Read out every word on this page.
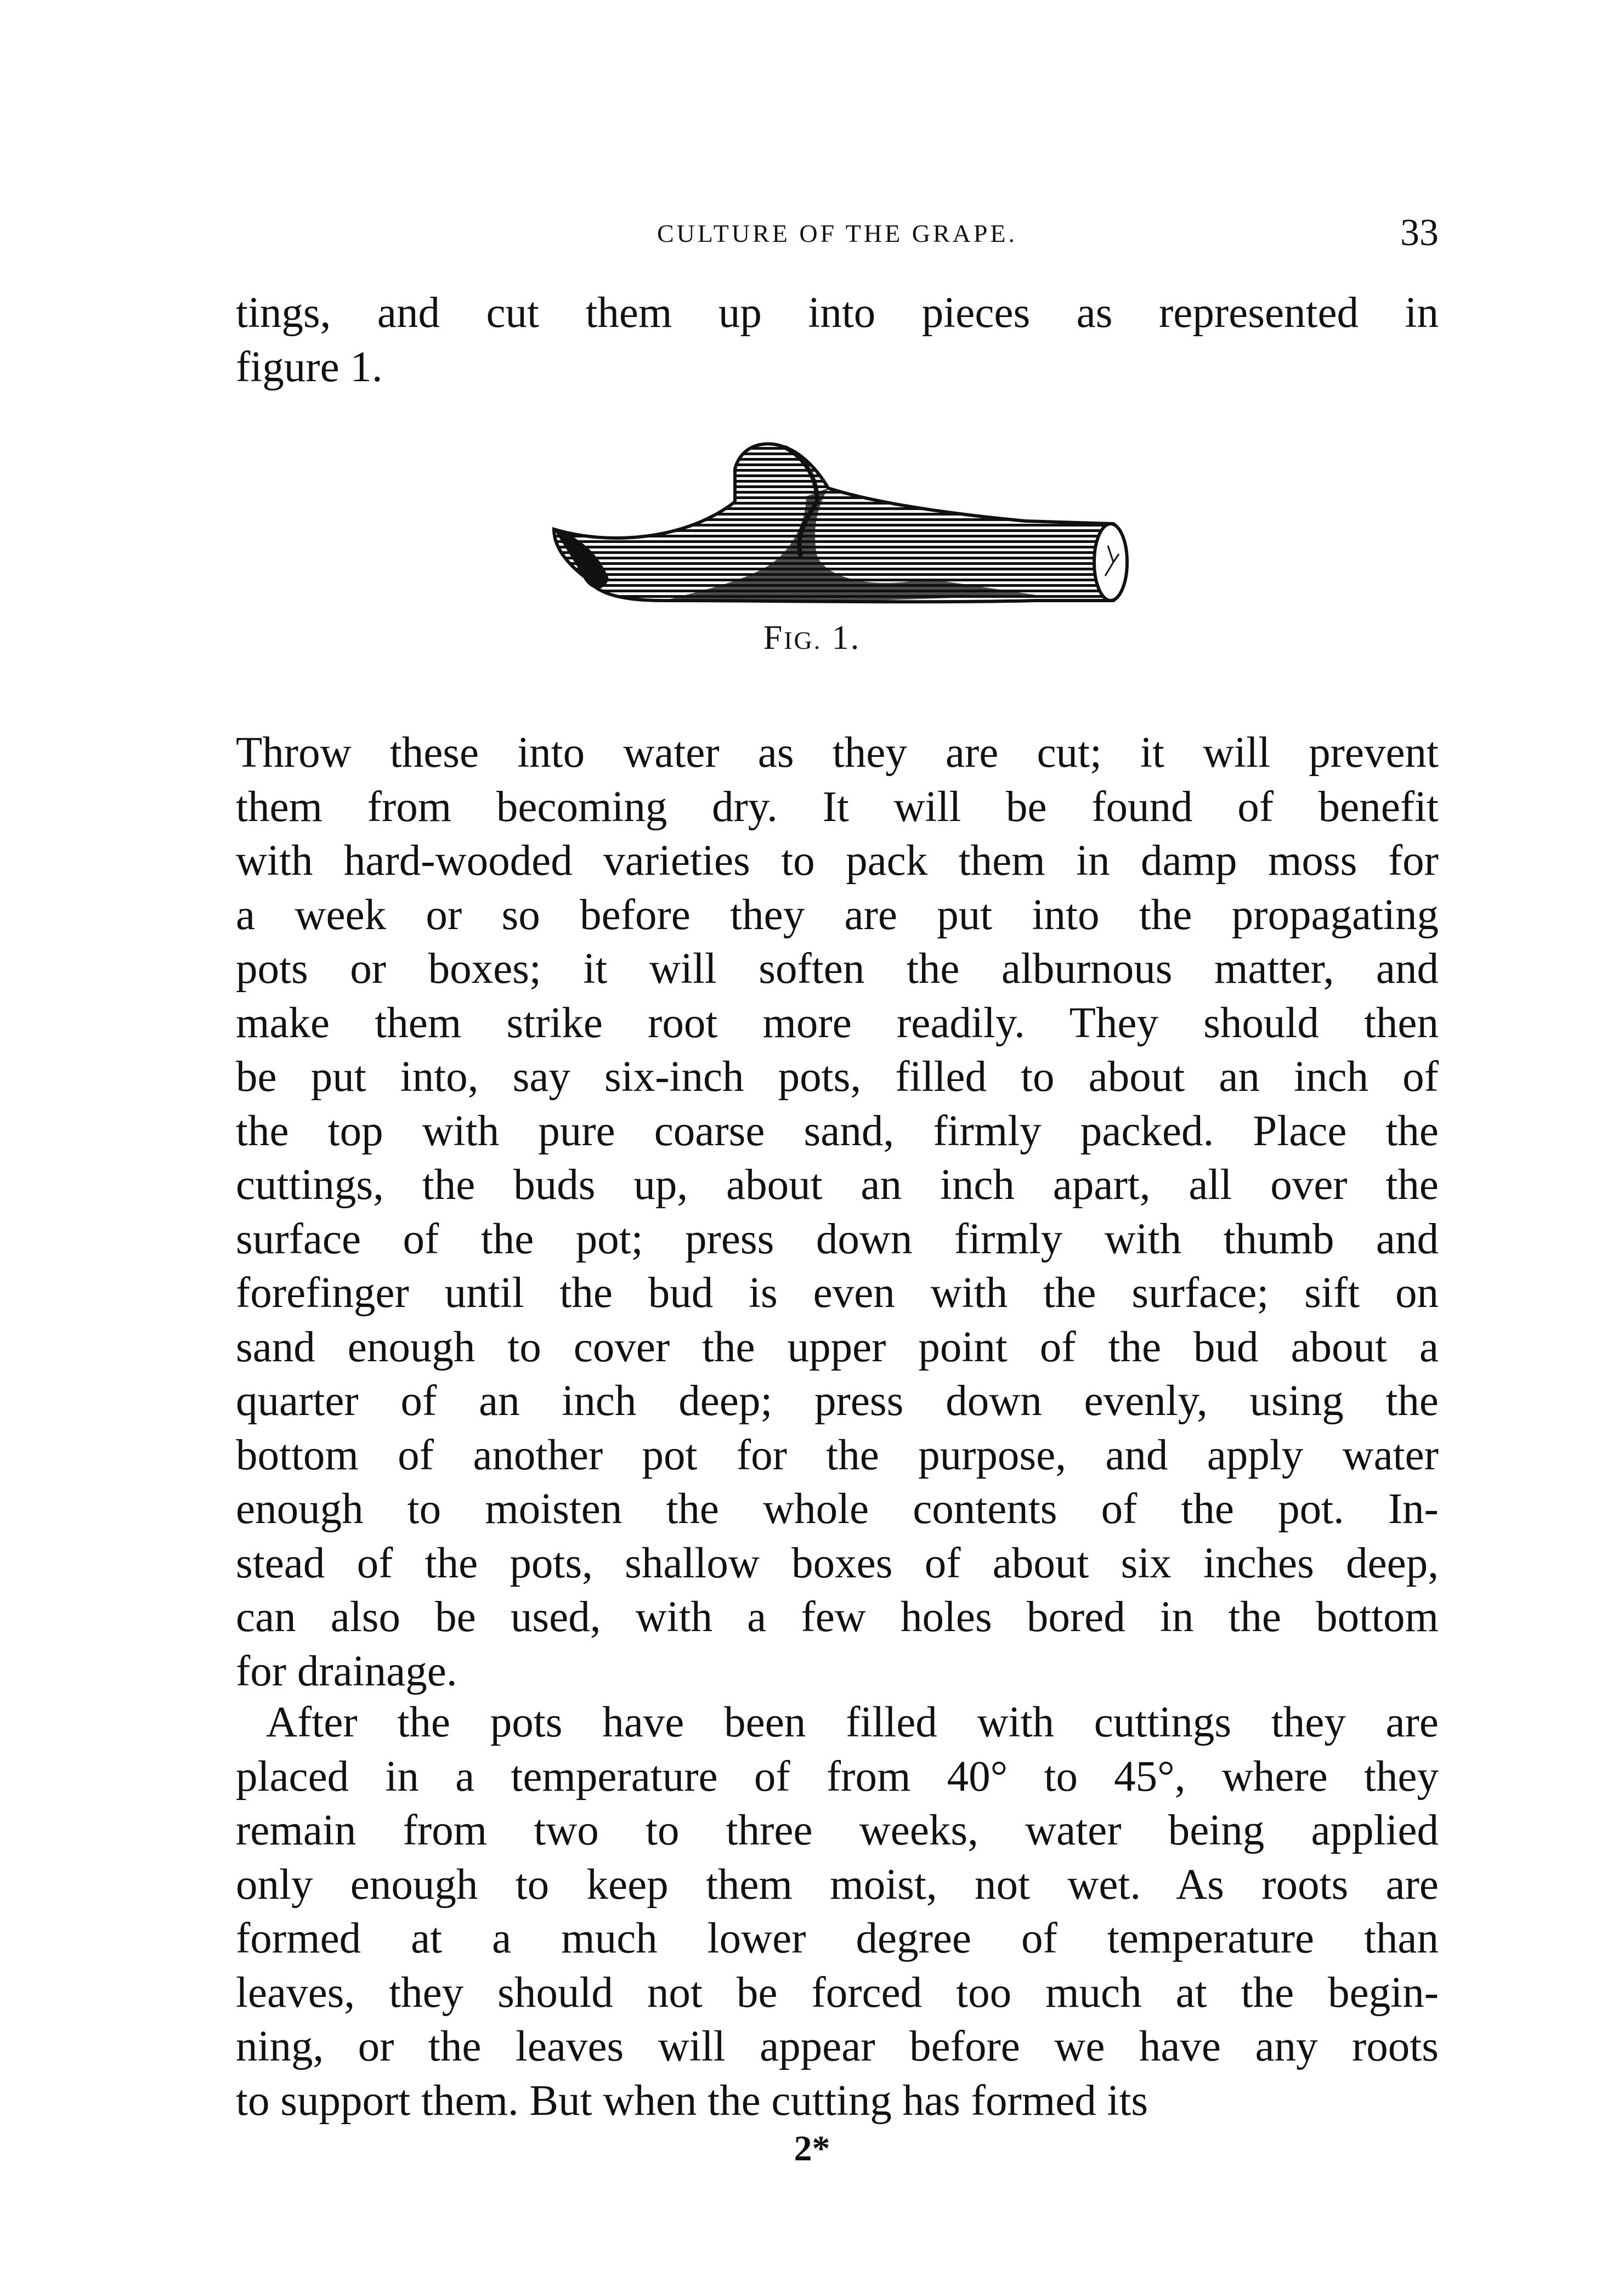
CULTURE OF THE GRAPE.	33
tings, and cut them up into pieces as represented in
figure 1.
FIG. 1.
Throw these into water as they are cut; it will prevent
them from becoming dry. It will be found of benefit
with hard-wooded varieties to pack them in damp moss for
a week or so before they are put into the propagating
pots or boxes; it will soften the alburnous matter, and
make them strike root more readily. They should then
be put into, say six-inch pots, filled to about an inch of
the top with pure coarse sand, firmly packed. Place the
cuttings, the buds up, about an inch apart, all over the
surface of the pot; press down firmly with thumb and
forefinger until the bud is even with the surface; sift on
sand enough to cover the upper point of the bud about a
quarter of an inch deep; press down evenly, using the
bottom of another pot for the purpose, and apply water
enough to moisten the whole contents of the pot. In-
stead of the pots, shallow boxes of about six inches deep,
can also be used, with a few holes bored in the bottom
for drainage.
After the pots have been filled with cuttings they are
placed in a temperature of from 40° to 45°, where they
remain from two to three weeks, water being applied
only enough to keep them moist, not wet. As roots are
formed at a much lower degree of temperature than
leaves, they should not be forced too much at the begin-
ning, or the leaves will appear before we have any roots
to support them. But when the cutting has formed its
2*
